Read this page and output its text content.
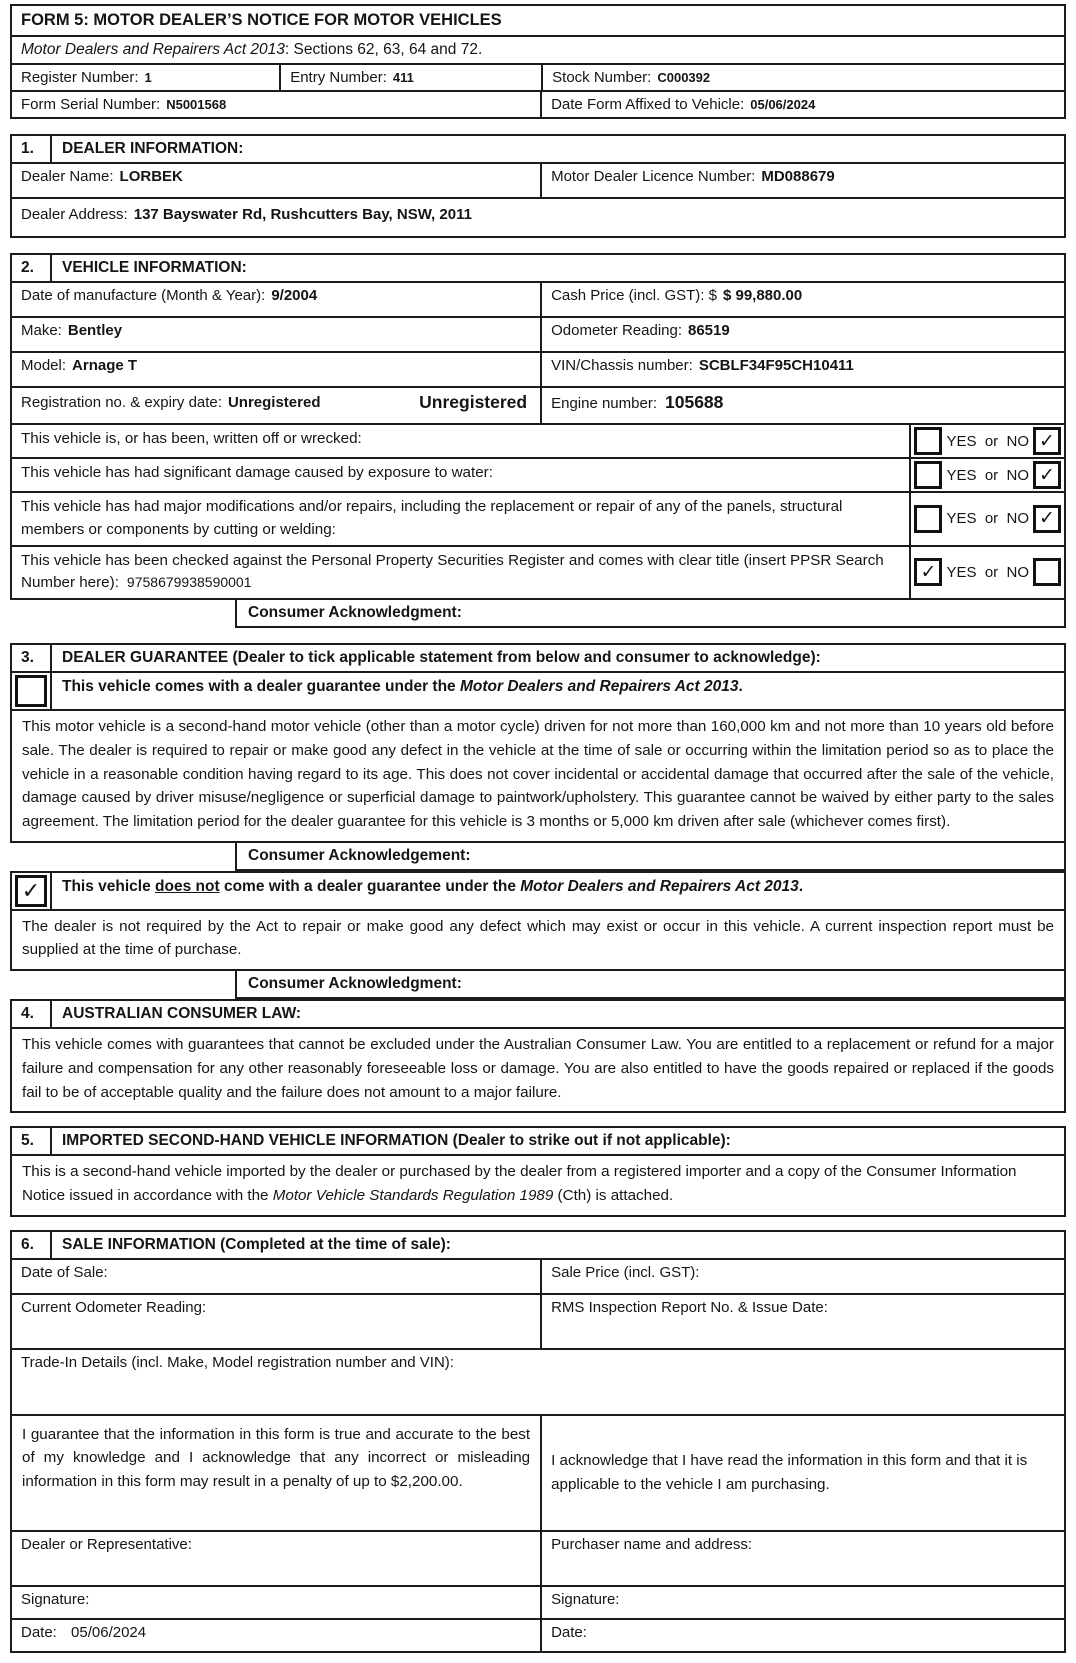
FORM 5: MOTOR DEALER’S NOTICE FOR MOTOR VEHICLES
Motor Dealers and Repairers Act 2013: Sections 62, 63, 64 and 72.
Register Number: 1	Entry Number: 411	Stock Number: C000392
Form Serial Number: N5001568	Date Form Affixed to Vehicle: 05/06/2024
1.	DEALER INFORMATION:
Dealer Name: LORBEK	Motor Dealer Licence Number: MD088679
Dealer Address: 137 Bayswater Rd, Rushcutters Bay, NSW, 2011
2.	VEHICLE INFORMATION:
Date of manufacture (Month & Year): 9/2004	Cash Price (incl. GST): $ $ 99,880.00
Make: Bentley	Odometer Reading: 86519
Model: Arnage T	VIN/Chassis number: SCBLF34F95CH10411
Registration no. & expiry date: Unregistered	Unregistered	Engine number: 105688
This vehicle is, or has been, written off or wrecked:	YES or NO ✓
This vehicle has had significant damage caused by exposure to water:	YES or NO ✓
This vehicle has had major modifications and/or repairs, including the replacement or repair of any of the panels, structural members or components by cutting or welding:
YES or NO ✓
This vehicle has been checked against the Personal Property Securities Register and comes with clear title (insert PPSR Search Number here): 9758679938590001	✓ YES or NO
Consumer Acknowledgment:
3.	DEALER GUARANTEE (Dealer to tick applicable statement from below and consumer to acknowledge):
This vehicle comes with a dealer guarantee under the Motor Dealers and Repairers Act 2013.
This motor vehicle is a second-hand motor vehicle (other than a motor cycle) driven for not more than 160,000 km and not more than 10 years old before sale. The dealer is required to repair or make good any defect in the vehicle at the time of sale or occurring within the limitation period so as to place the vehicle in a reasonable condition having regard to its age. This does not cover incidental or accidental damage that occurred after the sale of the vehicle, damage caused by driver misuse/negligence or superficial damage to paintwork/upholstery. This guarantee cannot be waived by either party to the sales agreement. The limitation period for the dealer guarantee for this vehicle is 3 months or 5,000 km driven after sale (whichever comes first).
Consumer Acknowledgement:
✓	This vehicle does not come with a dealer guarantee under the Motor Dealers and Repairers Act 2013.
The dealer is not required by the Act to repair or make good any defect which may exist or occur in this vehicle. A current inspection report must be supplied at the time of purchase.
Consumer Acknowledgment:
4.	AUSTRALIAN CONSUMER LAW:
This vehicle comes with guarantees that cannot be excluded under the Australian Consumer Law. You are entitled to a replacement or refund for a major failure and compensation for any other reasonably foreseeable loss or damage. You are also entitled to have the goods repaired or replaced if the goods fail to be of acceptable quality and the failure does not amount to a major failure.
5.	IMPORTED SECOND-HAND VEHICLE INFORMATION (Dealer to strike out if not applicable):
This is a second-hand vehicle imported by the dealer or purchased by the dealer from a registered importer and a copy of the Consumer Information Notice issued in accordance with the Motor Vehicle Standards Regulation 1989 (Cth) is attached.
6.	SALE INFORMATION (Completed at the time of sale):
Date of Sale:	Sale Price (incl. GST):
Current Odometer Reading:	RMS Inspection Report No. & Issue Date:
Trade-In Details (incl. Make, Model registration number and VIN):
I guarantee that the information in this form is true and accurate to the best of my knowledge and I acknowledge that any incorrect or misleading information in this form may result in a penalty of up to $2,200.00.
I acknowledge that I have read the information in this form and that it is applicable to the vehicle I am purchasing.
Dealer or Representative:	Purchaser name and address:
Signature:	Signature:
Date: 05/06/2024	Date:
